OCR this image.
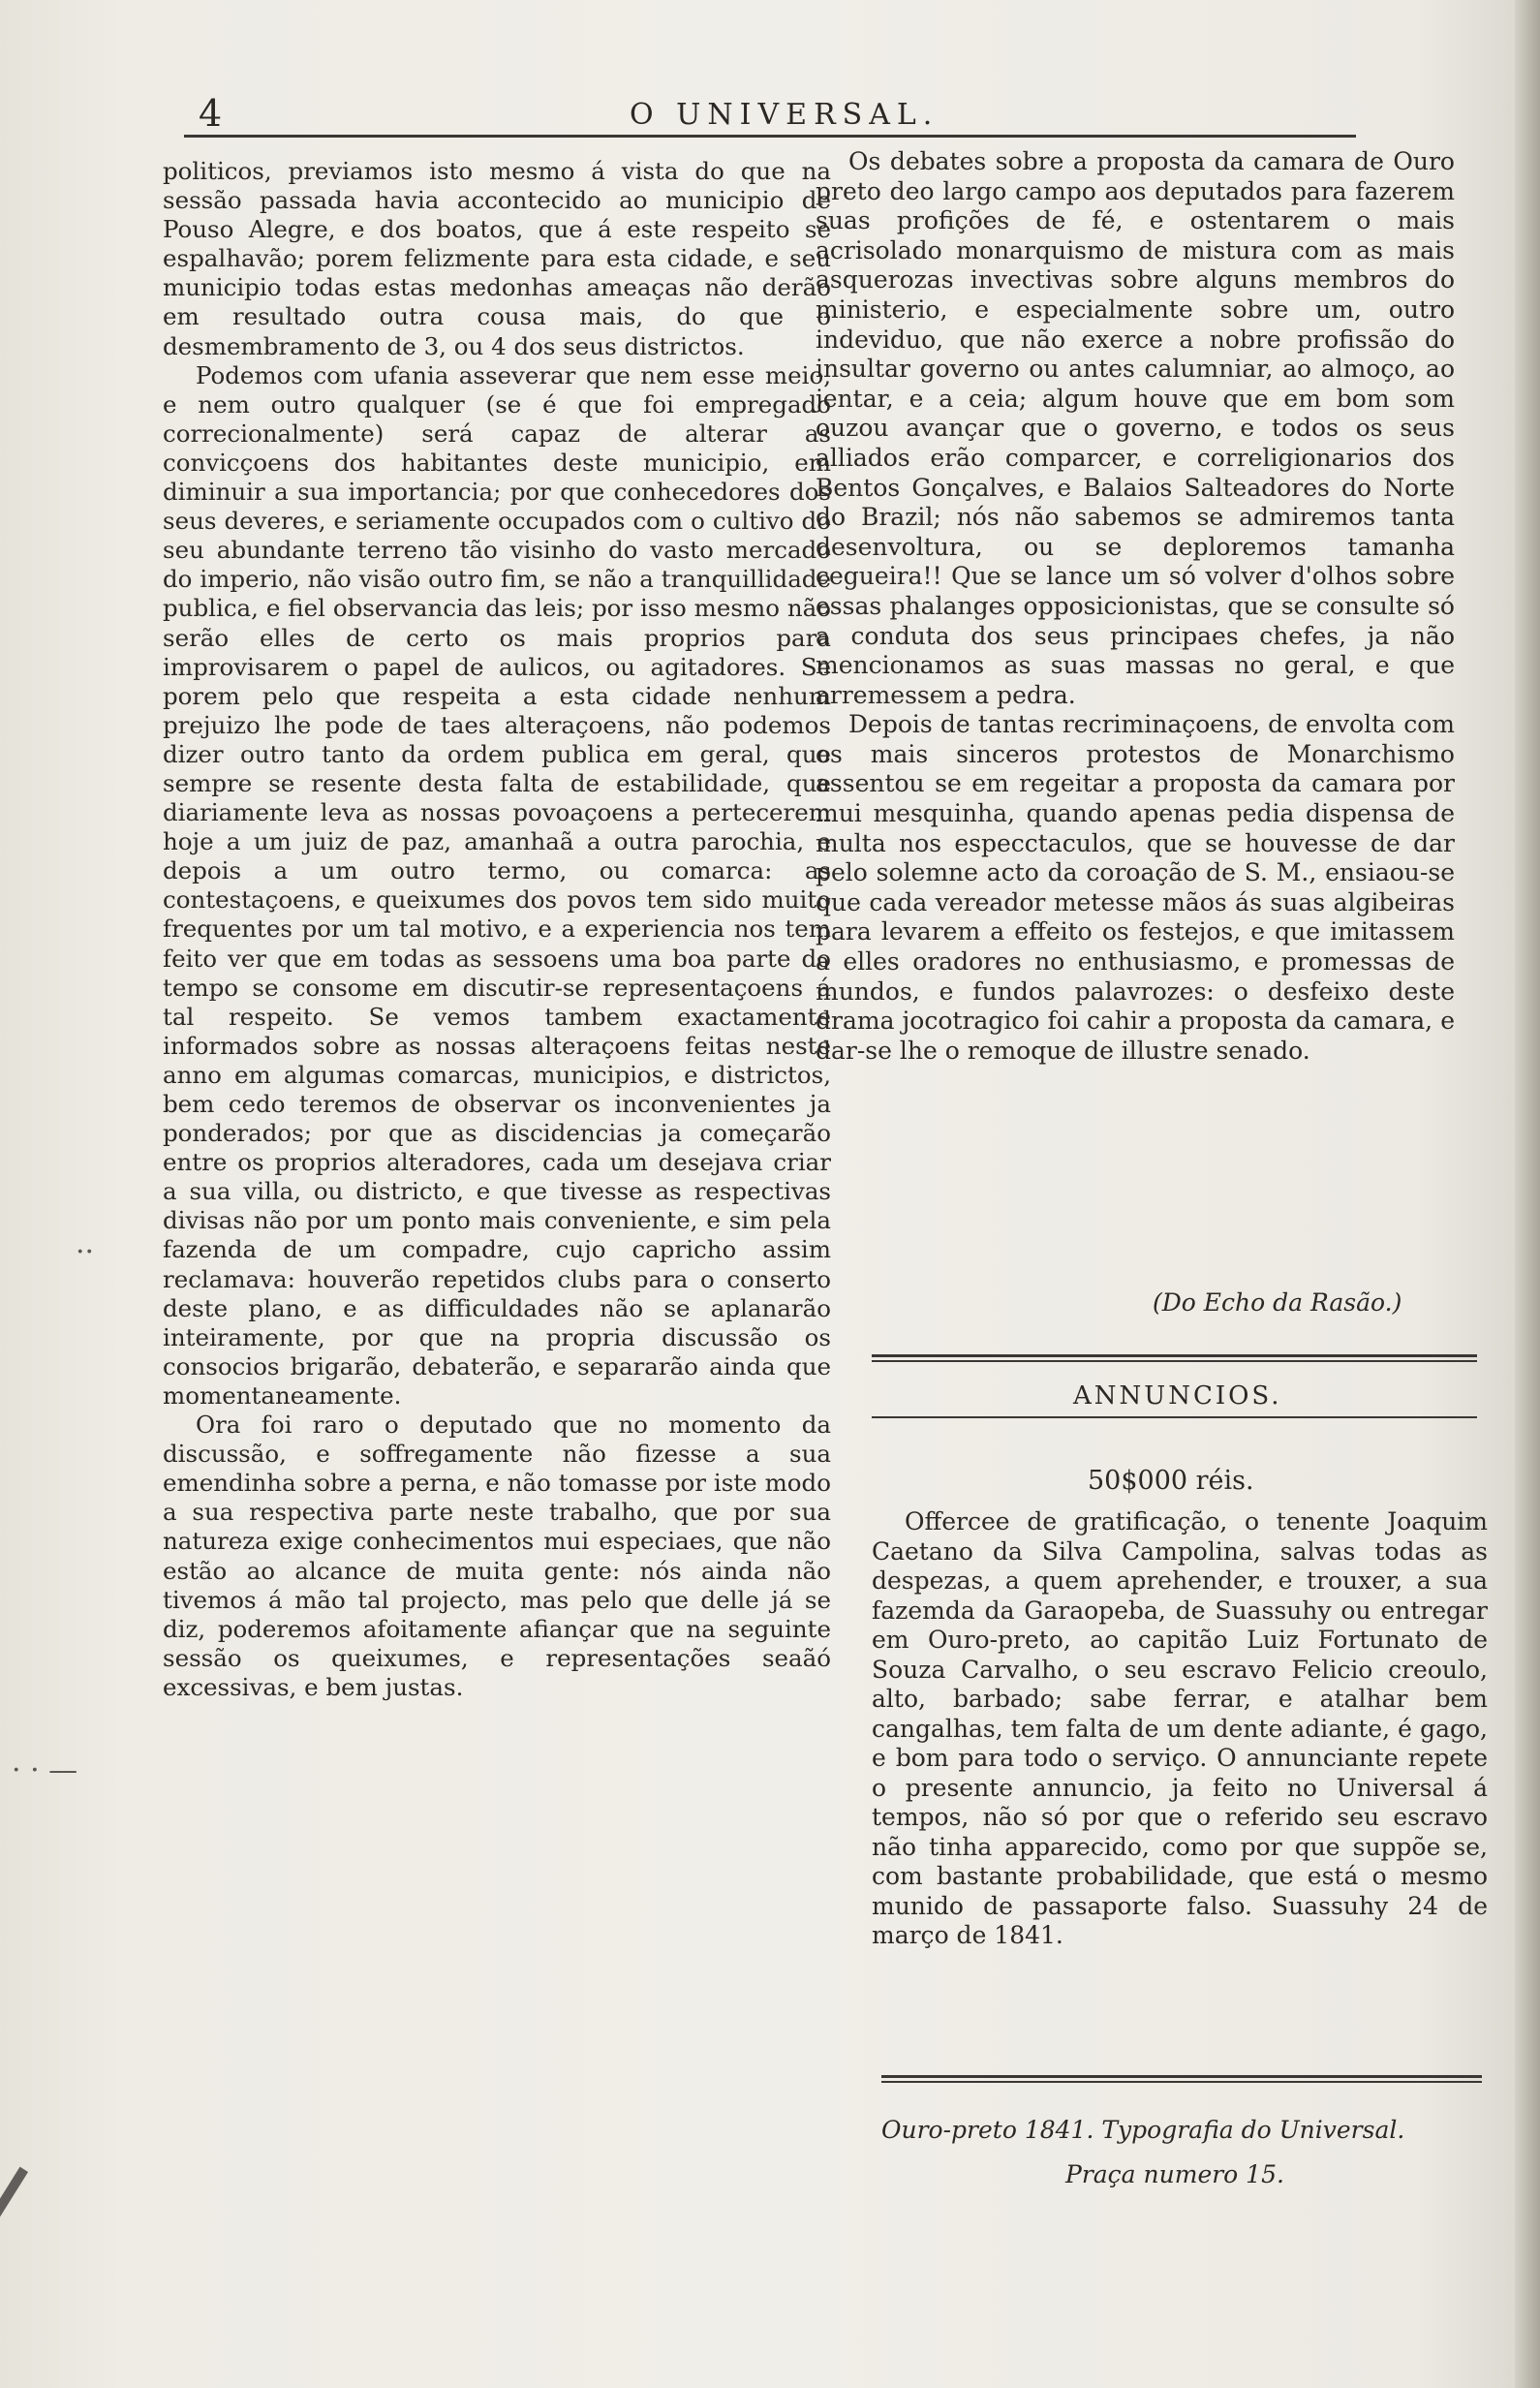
4	O UNIVERSAL.

politicos, previamos isto mesmo á vista do que na sessão passada havia accontecido ao municipio de Pouso Alegre, e dos boatos, que á este respeito se espalhavão; porem felizmente para esta cidade, e seu municipio todas estas medonhas ameaças não derão em resultado outra cousa mais, do que o desmembramento de 3, ou 4 dos seus districtos.

Podemos com ufania asseverar que nem esse meio, e nem outro qualquer (se é que foi empregado correcionalmente) será capaz de alterar as convicçoens dos habitantes deste municipio, em diminuir a sua importancia; por que conhecedores dos seus deveres, e seriamente occupados com o cultivo do seu abundante terreno tão visinho do vasto mercado do imperio, não visão outro fim, se não a tranquillidade publica, e fiel observancia das leis; por isso mesmo não serão elles de certo os mais proprios para improvisarem o papel de aulicos, ou agitadores. Se porem pelo que respeita a esta cidade nenhum prejuizo lhe pode de taes alteraçoens, não podemos dizer outro tanto da ordem publica em geral, que sempre se resente desta falta de estabilidade, que diariamente leva as nossas povoaçoens a pertecerem hoje a um juiz de paz, amanhaã a outra parochia, e depois a um outro termo, ou comarca: as contestaçoens, e queixumes dos povos tem sido muito frequentes por um tal motivo, e a experiencia nos tem feito ver que em todas as sessoens uma boa parte do tempo se consome em discutir-se representaçoens á tal respeito. Se vemos tambem exactamente informados sobre as nossas alteraçoens feitas neste anno em algumas comarcas, municipios, e districtos, bem cedo teremos de observar os inconvenientes ja ponderados; por que as discidencias ja começarão entre os proprios alteradores, cada um desejava criar a sua villa, ou districto, e que tivesse as respectivas divisas não por um ponto mais conveniente, e sim pela fazenda de um compadre, cujo capricho assim reclamava: houverão repetidos clubs para o conserto deste plano, e as difficuldades não se aplanarão inteiramente, por que na propria discussão os consocios brigarão, debaterão, e separarão ainda que momentaneamente.

Ora foi raro o deputado que no momento da discussão, e soffregamente não fizesse a sua emendinha sobre a perna, e não tomasse por iste modo a sua respectiva parte neste trabalho, que por sua natureza exige conhecimentos mui especiaes, que não estão ao alcance de muita gente: nós ainda não tivemos á mão tal projecto, mas pelo que delle já se diz, poderemos afoitamente afiançar que na seguinte sessão os queixumes, e representações seaãó excessivas, e bem justas.

Os debates sobre a proposta da camara de Ouro preto deo largo campo aos deputados para fazerem suas profições de fé, e ostentarem o mais acrisolado monarquismo de mistura com as mais asquerozas invectivas sobre alguns membros do ministerio, e especialmente sobre um, outro indeviduo, que não exerce a nobre profissão do insultar governo ou antes calumniar, ao almoço, ao jentar, e a ceia; algum houve que em bom som ouzou avançar que o governo, e todos os seus alliados erão comparcer, e correligionarios dos Bentos Gonçalves, e Balaios Salteadores do Norte do Brazil; nós não sabemos se admiremos tanta desenvoltura, ou se deploremos tamanha cegueira!! Que se lance um só volver d'olhos sobre essas phalanges opposicionistas, que se consulte só a conduta dos seus principaes chefes, ja não mencionamos as suas massas no geral, e que arremessem a pedra.

Depois de tantas recriminaçoens, de envolta com os mais sinceros protestos de Monarchismo assentou se em regeitar a proposta da camara por mui mesquinha, quando apenas pedia dispensa de multa nos especctaculos, que se houvesse de dar pelo solemne acto da coroação de S. M., ensiaou-se que cada vereador metesse mãos ás suas algibeiras para levarem a effeito os festejos, e que imitassem a elles oradores no enthusiasmo, e promessas de mundos, e fundos palavrozes: o desfeixo deste drama jocotragico foi cahir a proposta da camara, e dar-se lhe o remoque de illustre senado.

(Do Echo da Rasão.)
ANNUNCIOS.
50$000 réis.

Offercee de gratificação, o tenente Joaquim Caetano da Silva Campolina, salvas todas as despezas, a quem aprehender, e trouxer, a sua fazemda da Garaopeba, de Suassuhy ou entregar em Ouro-preto, ao capitão Luiz Fortunato de Souza Carvalho, o seu escravo Felicio creoulo, alto, barbado; sabe ferrar, e atalhar bem cangalhas, tem falta de um dente adiante, é gago, e bom para todo o serviço. O annunciante repete o presente annuncio, ja feito no Universal á tempos, não só por que o referido seu escravo não tinha apparecido, como por que suppõe se, com bastante probabilidade, que está o mesmo munido de passaporte falso. Suassuhy 24 de março de 1841.

Ouro-preto 1841. Typografia do Universal.
Praça numero 15.
··
· · —
